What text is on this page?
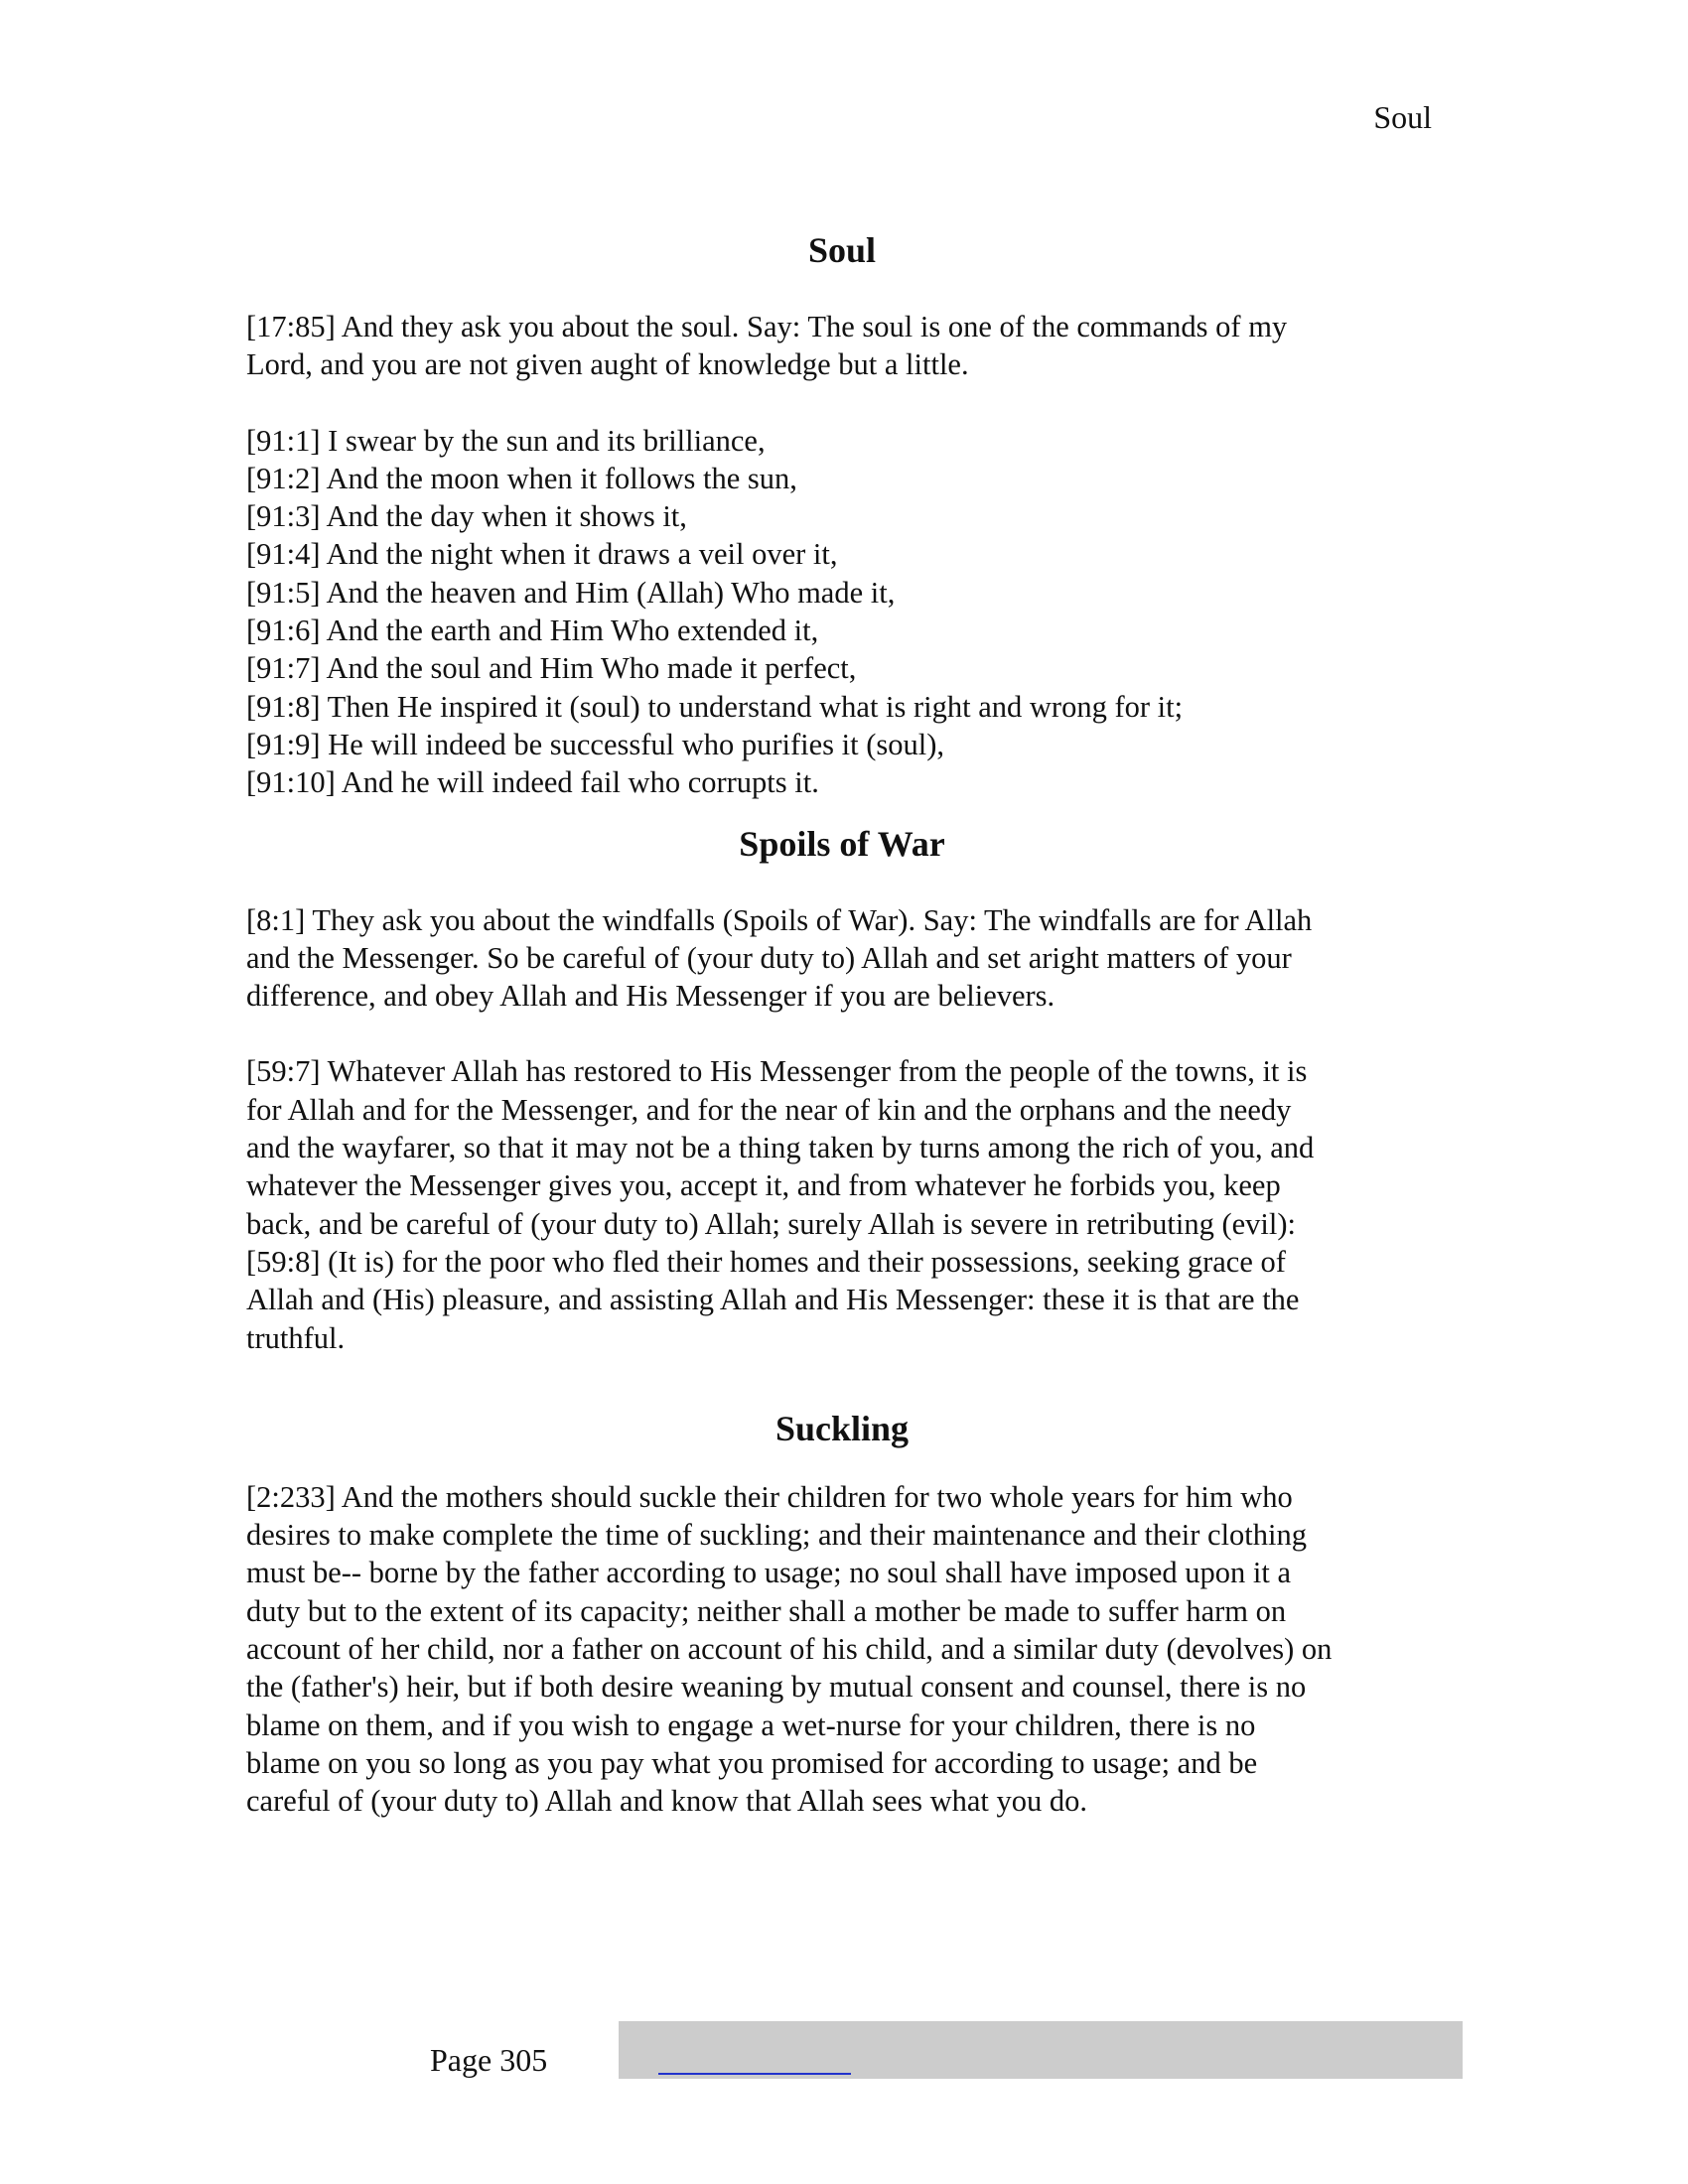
Soul
Soul

[17:85] And they ask you about the soul. Say: The soul is one of the commands of my
Lord, and you are not given aught of knowledge but a little.

[91:1] I swear by the sun and its brilliance,
[91:2] And the moon when it follows the sun,
[91:3] And the day when it shows it,
[91:4] And the night when it draws a veil over it,
[91:5] And the heaven and Him (Allah) Who made it,
[91:6] And the earth and Him Who extended it,
[91:7] And the soul and Him Who made it perfect,
[91:8] Then He inspired it (soul) to understand what is right and wrong for it;
[91:9] He will indeed be successful who purifies it (soul),
[91:10] And he will indeed fail who corrupts it.
Spoils of War

[8:1] They ask you about the windfalls (Spoils of War). Say: The windfalls are for Allah
and the Messenger. So be careful of (your duty to) Allah and set aright matters of your
difference, and obey Allah and His Messenger if you are believers.

[59:7] Whatever Allah has restored to His Messenger from the people of the towns, it is
for Allah and for the Messenger, and for the near of kin and the orphans and the needy
and the wayfarer, so that it may not be a thing taken by turns among the rich of you, and
whatever the Messenger gives you, accept it, and from whatever he forbids you, keep
back, and be careful of (your duty to) Allah; surely Allah is severe in retributing (evil):
[59:8] (It is) for the poor who fled their homes and their possessions, seeking grace of
Allah and (His) pleasure, and assisting Allah and His Messenger: these it is that are the
truthful.

Suckling

[2:233] And the mothers should suckle their children for two whole years for him who
desires to make complete the time of suckling; and their maintenance and their clothing
must be-- borne by the father according to usage; no soul shall have imposed upon it a
duty but to the extent of its capacity; neither shall a mother be made to suffer harm on
account of her child, nor a father on account of his child, and a similar duty (devolves) on
the (father's) heir, but if both desire weaning by mutual consent and counsel, there is no
blame on them, and if you wish to engage a wet-nurse for your children, there is no
blame on you so long as you pay what you promised for according to usage; and be
careful of (your duty to) Allah and know that Allah sees what you do.

Page 305
